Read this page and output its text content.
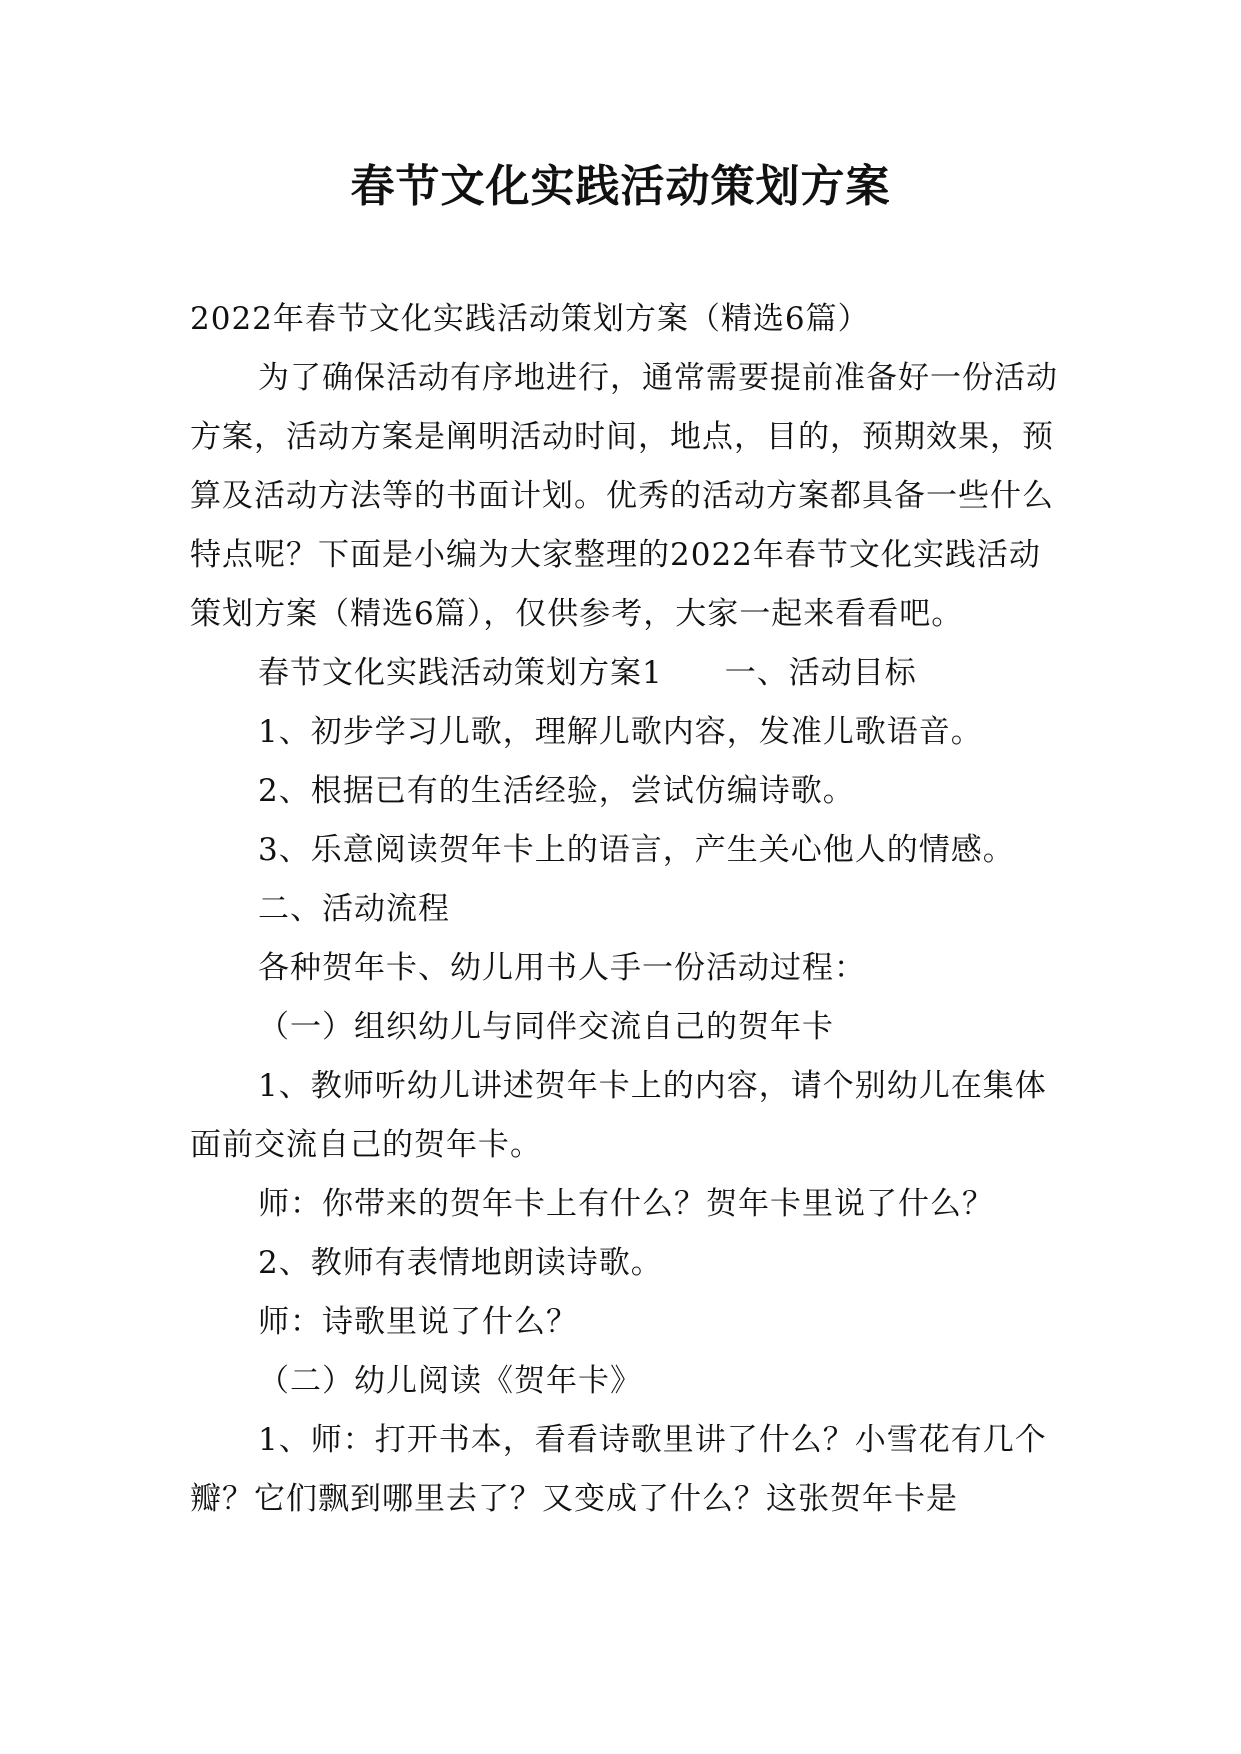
春节文化实践活动策划方案

2022年春节文化实践活动策划方案（精选6篇）

为了确保活动有序地进行，通常需要提前准备好一份活动方案，活动方案是阐明活动时间，地点，目的，预期效果，预算及活动方法等的书面计划。优秀的活动方案都具备一些什么特点呢？下面是小编为大家整理的2022年春节文化实践活动策划方案（精选6篇），仅供参考，大家一起来看看吧。

春节文化实践活动策划方案1 一、活动目标

1、初步学习儿歌，理解儿歌内容，发准儿歌语音。

2、根据已有的生活经验，尝试仿编诗歌。

3、乐意阅读贺年卡上的语言，产生关心他人的情感。

二、活动流程

各种贺年卡、幼儿用书人手一份活动过程：

（一）组织幼儿与同伴交流自己的贺年卡

1、教师听幼儿讲述贺年卡上的内容，请个别幼儿在集体面前交流自己的贺年卡。

师：你带来的贺年卡上有什么？贺年卡里说了什么？

2、教师有表情地朗读诗歌。

师：诗歌里说了什么？

（二）幼儿阅读《贺年卡》

1、师：打开书本，看看诗歌里讲了什么？小雪花有几个瓣？它们飘到哪里去了？又变成了什么？这张贺年卡是
